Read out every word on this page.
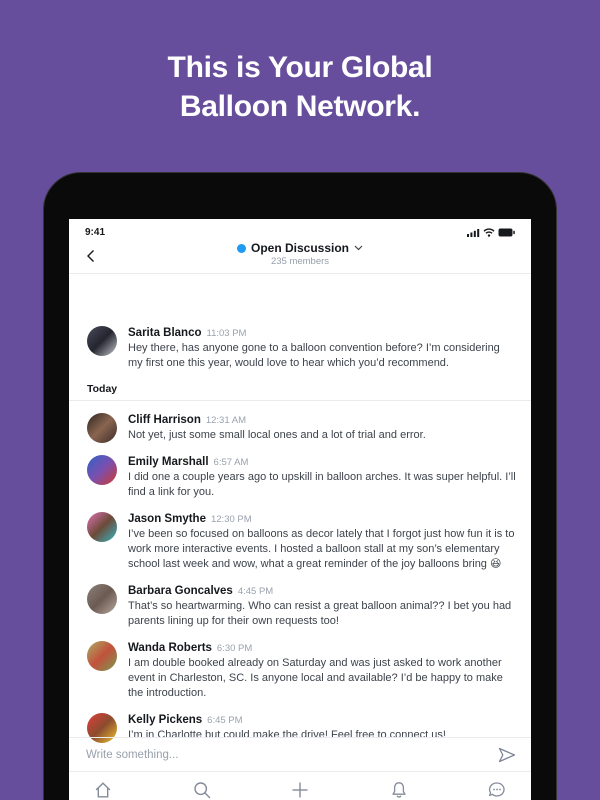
This is Your Global
Balloon Network.
9:41
Open Discussion
235 members
Sarita Blanco 11:03 PM
Hey there, has anyone gone to a balloon convention before? I’m considering my first one this year, would love to hear which you’d recommend.
Today
Cliff Harrison 12:31 AM
Not yet, just some small local ones and a lot of trial and error.
Emily Marshall 6:57 AM
I did one a couple years ago to upskill in balloon arches. It was super helpful. I’ll find a link for you.
Jason Smythe 12:30 PM
I’ve been so focused on balloons as decor lately that I forgot just how fun it is to work more interactive events. I hosted a balloon stall at my son’s elementary school last week and wow, what a great reminder of the joy balloons bring 😆
Barbara Goncalves 4:45 PM
That’s so heartwarming. Who can resist a great balloon animal?? I bet you had parents lining up for their own requests too!
Wanda Roberts 6:30 PM
I am double booked already on Saturday and was just asked to work another event in Charleston, SC. Is anyone local and available? I’d be happy to make the introduction.
Kelly Pickens 6:45 PM
I’m in Charlotte but could make the drive! Feel free to connect us!
Write something...
